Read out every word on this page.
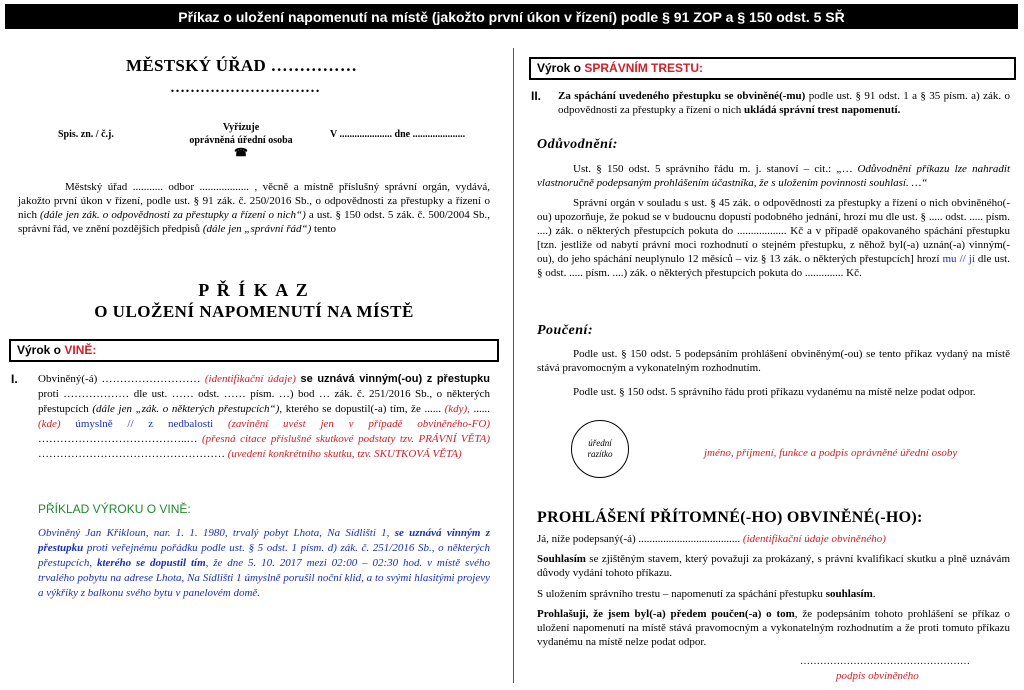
Příkaz o uložení napomenutí na místě (jakožto první úkon v řízení) podle § 91 ZOP a § 150 odst. 5 SŘ
MĚSTSKÝ ÚŘAD ……………
…………………………
Spis. zn. / č.j.
Vyřizuje
oprávněná úřední osoba
☎
V ..................... dne .....................
Městský úřad ........... odbor .................. , věcně a místně příslušný správní orgán, vydává, jakožto první úkon v řízení, podle ust. § 91 zák. č. 250/2016 Sb., o odpovědnosti za přestupky a řízení o nich (dále jen zák. o odpovědnosti za přestupky a řízení o nich“) a ust. § 150 odst. 5 zák. č. 500/2004 Sb., správní řád, ve znění pozdějších předpisů (dále jen „správní řád“) tento
P Ř Í K A Z
O ULOŽENÍ NAPOMENUTÍ NA MÍSTĚ
Výrok o VINĚ:
I. Obviněný(-á) ……………………… (identifikační údaje) se uznává vinným(-ou) z přestupku proti ……………… dle ust. …… odst. …… písm. …) bod … zák. č. 251/2016 Sb., o některých přestupcích (dále jen „zák. o některých přestupcích“), kterého se dopustil(-a) tím, že ...... (kdy), ...... (kde) úmyslně // z nedbalosti (zavinění uvést jen v případě obviněného-FO) …………………………………..… (přesná citace příslušné skutkové podstaty tzv. PRÁVNÍ VĚTA) …………………………………………… (uvedení konkrétního skutku, tzv. SKUTKOVÁ VĚTA)
PŘÍKLAD VÝROKU O VINĚ:
Obviněný Jan Křikloun, nar. 1. 1. 1980, trvalý pobyt Lhota, Na Sídlišti 1, se uznává vinným z přestupku proti veřejnému pořádku podle ust. § 5 odst. 1 písm. d) zák. č. 251/2016 Sb., o některých přestupcích, kterého se dopustil tím, že dne 5. 10. 2017 mezi 02:00 – 02:30 hod. v místě svého trvalého pobytu na adrese Lhota, Na Sídlišti 1 úmyslně porušil noční klid, a to svými hlasitými projevy a výkřiky z balkonu svého bytu v panelovém domě.
Výrok o SPRÁVNÍM TRESTU:
II. Za spáchání uvedeného přestupku se obviněné(-mu) podle ust. § 91 odst. 1 a § 35 písm. a) zák. o odpovědnosti za přestupky a řízení o nich ukládá správní trest napomenutí.
Odůvodnění:
Ust. § 150 odst. 5 správního řádu m. j. stanoví – cit.: „… Odůvodnění příkazu lze nahradit vlastnoručně podepsaným prohlášením účastníka, že s uložením povinnosti souhlasí. …“
Správní orgán v souladu s ust. § 45 zák. o odpovědnosti za přestupky a řízení o nich obviněného(-ou) upozorňuje, že pokud se v budoucnu dopustí podobného jednání, hrozí mu dle ust. § ..... odst. ..... písm. ....) zák. o některých přestupcích pokuta do .................. Kč a v případě opakovaného spáchání přestupku [tzn. jestliže od nabytí právní moci rozhodnutí o stejném přestupku, z něhož byl(-a) uznán(-a) vinným(-ou), do jeho spáchání neuplynulo 12 měsíců – viz § 13 zák. o některých přestupcích] hrozí mu // jí dle ust. § odst. ..... písm. ....) zák. o některých přestupcích pokuta do .............. Kč.
Poučení:
Podle ust. § 150 odst. 5 podepsáním prohlášení obviněným(-ou) se tento příkaz vydaný na místě stává pravomocným a vykonatelným rozhodnutím.
Podle ust. § 150 odst. 5 správního řádu proti příkazu vydanému na místě nelze podat odpor.
úřední
razítko	jméno, příjmení, funkce a podpis oprávněné úřední osoby
PROHLÁŠENÍ PŘÍTOMNÉ(-HO) OBVINĚNÉ(-HO):
Já, níže podepsaný(-á) ..................................... (identifikační údaje obviněného)
Souhlasím se zjištěným stavem, který považuji za prokázaný, s právní kvalifikací skutku a plně uznávám důvody vydání tohoto příkazu.
S uložením správního trestu – napomenutí za spáchání přestupku souhlasím.
Prohlašuji, že jsem byl(-a) předem poučen(-a) o tom, že podepsáním tohoto prohlášení se příkaz o uložení napomenutí na místě stává pravomocným a vykonatelným rozhodnutím a že proti tomuto příkazu vydanému na místě nelze podat odpor.
……………………………………………
podpis obviněného
